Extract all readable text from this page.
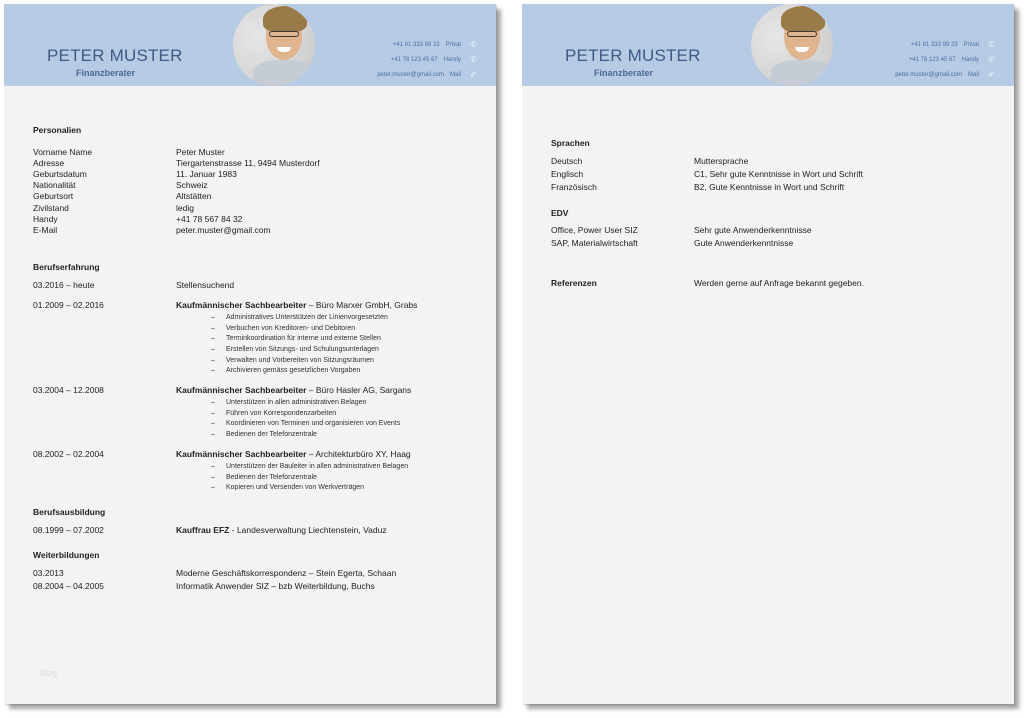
PETER MUSTER
Finanzberater
+41 81 333 99 23 Privat ✆
+41 78 123 45 67 Handy ✆
peter.muster@gmail.com Mail ✐
Personalien
Vorname Name	Peter Muster
Adresse	Tiergartenstrasse 11, 9494 Musterdorf
Geburtsdatum	11. Januar 1983
Nationalität	Schweiz
Geburtsort	Altstätten
Zivilstand	ledig
Handy	+41 78 567 84 32
E-Mail	peter.muster@gmail.com
Berufserfahrung
03.2016 – heute	Stellensuchend
01.2009 – 02.2016	Kaufmännischer Sachbearbeiter – Büro Marxer GmbH, Grabs
– Administratives Unterstützen der Linienvorgesetzten
– Verbuchen von Kreditoren- und Debitoren
– Terminkoordination für interne und externe Stellen
– Erstellen von Sitzungs- und Schulungsunterlagen
– Verwalten und Vorbereiten von Sitzungsräumen
– Archivieren gemäss gesetzlichen Vorgaben
03.2004 – 12.2008	Kaufmännischer Sachbearbeiter – Büro Hasler AG, Sargans
– Unterstützen in allen administrativen Belagen
– Führen von Korrespondenzarbeiten
– Koordinieren von Terminen und organisieren von Events
– Bedienen der Telefonzentrale
08.2002 – 02.2004	Kaufmännischer Sachbearbeiter – Architekturbüro XY, Haag
– Unterstützen der Bauleiter in allen administrativen Belagen
– Bedienen der Telefonzentrale
– Kopieren und Versenden von Werkverträgen
Berufsausbildung
08.1999 – 07.2002	Kauffrau EFZ - Landesverwaltung Liechtenstein, Vaduz
Weiterbildungen
03.2013	Moderne Geschäftskorrespondenz – Stein Egerta, Schaan
08.2004 – 04.2005	Informatik Anwender SIZ – bzb Weiterbildung, Buchs
blog
PETER MUSTER
Finanzberater
+41 81 333 99 23 Privat ✆
+41 78 123 45 67 Handy ✆
peter.muster@gmail.com Mail ✐
Sprachen
Deutsch	Muttersprache
Englisch	C1, Sehr gute Kenntnisse in Wort und Schrift
Französisch	B2, Gute Kenntnisse in Wort und Schrift
EDV
Office, Power User SIZ	Sehr gute Anwenderkenntnisse
SAP, Materialwirtschaft	Gute Anwenderkenntnisse
Referenzen	Werden gerne auf Anfrage bekannt gegeben.
